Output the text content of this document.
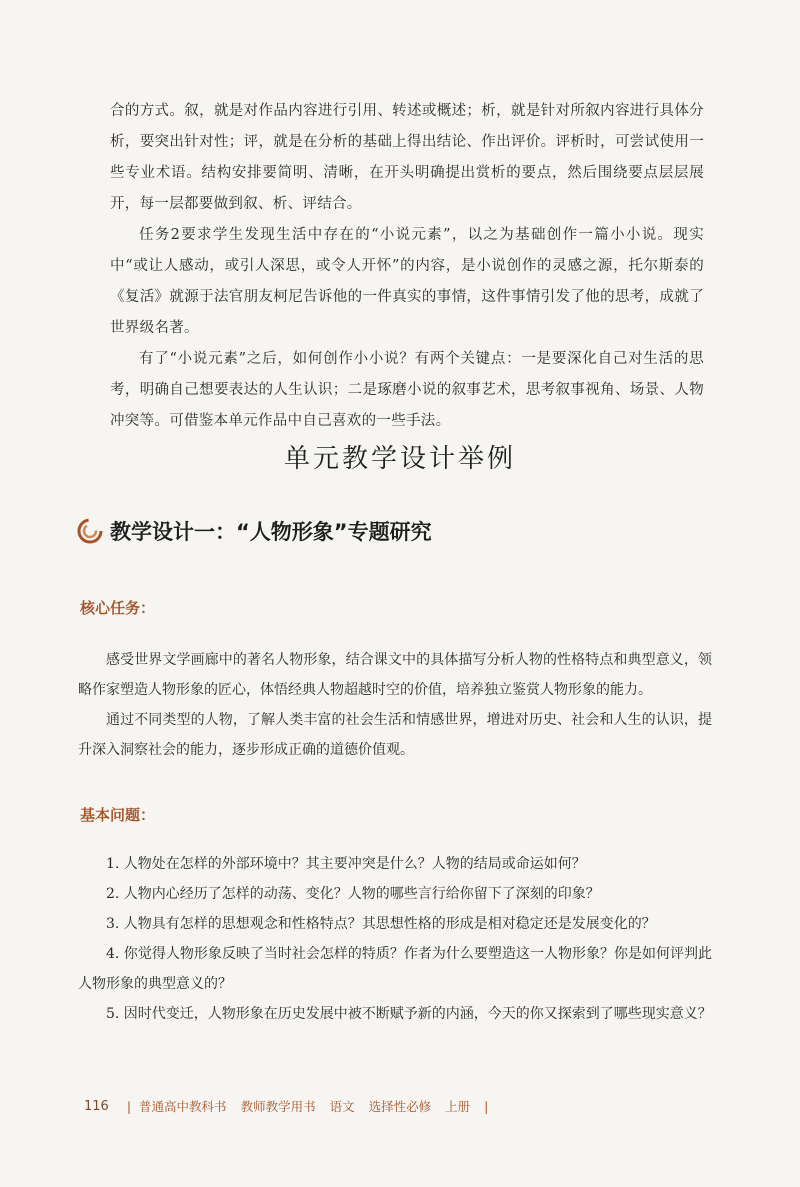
合的方式。叙，就是对作品内容进行引用、转述或概述；析，就是针对所叙内容进行具体分析，要突出针对性；评，就是在分析的基础上得出结论、作出评价。评析时，可尝试使用一些专业术语。结构安排要简明、清晰，在开头明确提出赏析的要点，然后围绕要点层层展开，每一层都要做到叙、析、评结合。

任务2要求学生发现生活中存在的“小说元素”，以之为基础创作一篇小小说。现实中“或让人感动，或引人深思，或令人开怀”的内容，是小说创作的灵感之源，托尔斯泰的《复活》就源于法官朋友柯尼告诉他的一件真实的事情，这件事情引发了他的思考，成就了世界级名著。

有了“小说元素”之后，如何创作小小说？有两个关键点：一是要深化自己对生活的思考，明确自己想要表达的人生认识；二是琢磨小说的叙事艺术，思考叙事视角、场景、人物冲突等。可借鉴本单元作品中自己喜欢的一些手法。

单元教学设计举例
教学设计一：“人物形象”专题研究
核心任务：

感受世界文学画廊中的著名人物形象，结合课文中的具体描写分析人物的性格特点和典型意义，领略作家塑造人物形象的匠心，体悟经典人物超越时空的价值，培养独立鉴赏人物形象的能力。

通过不同类型的人物，了解人类丰富的社会生活和情感世界，增进对历史、社会和人生的认识，提升深入洞察社会的能力，逐步形成正确的道德价值观。

基本问题：

1. 人物处在怎样的外部环境中？其主要冲突是什么？人物的结局或命运如何？

2. 人物内心经历了怎样的动荡、变化？人物的哪些言行给你留下了深刻的印象？

3. 人物具有怎样的思想观念和性格特点？其思想性格的形成是相对稳定还是发展变化的？

4. 你觉得人物形象反映了当时社会怎样的特质？作者为什么要塑造这一人物形象？你是如何评判此人物形象的典型意义的？

5. 因时代变迁，人物形象在历史发展中被不断赋予新的内涵，今天的你又探索到了哪些现实意义？

116 | 普通高中教科书 教师教学用书 语文 选择性必修 上册 |
